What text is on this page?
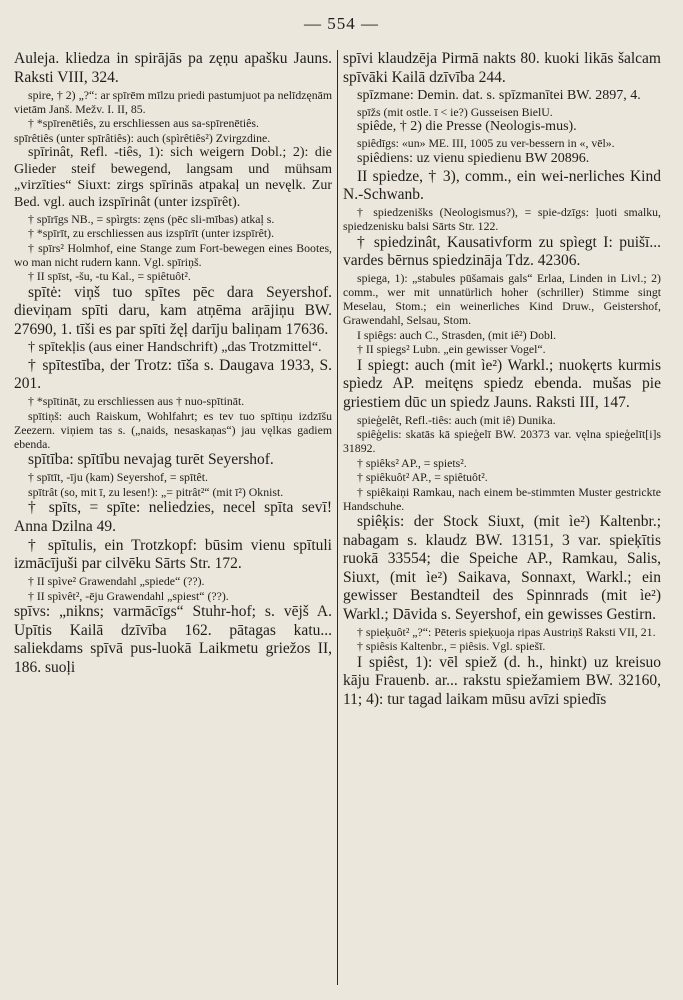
— 554 —

Auleja. kliedza in spirājās pa zęņu apašku Jauns. Raksti VIII, 324.

spire, † 2) „?“: ar spīrēm mīlzu priedi pastumjuot pa nelīdzęnām vietām Janš. Mežv. I. II, 85.

† *spīrenētiês, zu erschliessen aus sa-spīrenētiês.

spīrêtiês (unter spīrâtiês): auch (spìrêtiês²) Zvirgzdine.

spīrinât, Refl. -tiês, 1): sich weigern Dobl.; 2): die Glieder steif bewegend, langsam und mühsam „virzīties“ Siuxt: zirgs spīrinās atpakaļ un nevęlk. Zur Bed. vgl. auch izspīrinât (unter izspīrêt).

† spīrīgs NB., = spìrgts: zęns (pēc sli-mības) atkaļ s.

† *spīrīt, zu erschliessen aus izspīrīt (unter izspīrêt).

† spīrs² Holmhof, eine Stange zum Fort-bewegen eines Bootes, wo man nicht rudern kann. Vgl. spīriņš.

† II spīst, -šu, -tu Kal., = spiêtuôt².

spītė: viņš tuo spītes pēc dara Seyershof. dieviņam spīti daru, kam atņēma arājiņu BW. 27690, 1. tīši es par spīti žęļ darīju baliņam 17636.

† spītekļis (aus einer Handschrift) „das Trotzmittel“.

† spītestība, der Trotz: tīša s. Daugava 1933, S. 201.

† *spītināt, zu erschliessen aus † nuo-spītināt.

spītiņš: auch Raiskum, Wohlfahrt; es tev tuo spītiņu izdzīšu Zeezern. viņiem tas s. („naids, nesaskaņas“) jau vęlkas gadiem ebenda.

spītība: spītību nevajag turēt Seyershof.

† spītīt, -īju (kam) Seyershof, = spītêt.

spītrât (so, mit ī, zu lesen!): „= pitrât²“ (mit ī²) Oknist.

† spīts, = spīte: neliedzies, necel spīta sevī! Anna Dzilna 49.

† spītulis, ein Trotzkopf: būsim vienu spītuli izmācījuši par cilvēku Sārts Str. 172.

† II spìve² Grawendahl „spiede“ (??).

† II spìvêt², -ēju Grawendahl „spiest“ (??).

spīvs: „nikns; varmācīgs“ Stuhr-hof; s. vējš A. Upītis Kailā dzīvība 162. pātagas katu... saliekdams spīvā pus-luokā Laikmetu griežos II, 186. suoļi

spīvi klaudzēja Pirmā nakts 80. kuoki likās šalcam spīvāki Kailā dzīvība 244.

spīzmane: Demin. dat. s. spīzmanītei BW. 2897, 4.

spīžs (mit ostle. ī < ie?) Gusseisen BielU.

spiêde, † 2) die Presse (Neologis-mus).

spiêdīgs: «un» ME. III, 1005 zu ver-bessern in «, vēl».

spiêdiens: uz vienu spiedienu BW 20896.

II spiedze, † 3), comm., ein wei-nerliches Kind N.-Schwanb.

† spiedzenišks (Neologismus?), = spie-dzīgs: ļuoti smalku, spiedzenisku balsi Sārts Str. 122.

† spiedzinât, Kausativform zu spìegt I: puišī... vardes bērnus spiedzināja Tdz. 42306.

spiega, 1): „stabules pūšamais gals“ Erlaa, Linden in Livl.; 2) comm., wer mit unnatürlich hoher (schriller) Stimme singt Meselau, Stom.; ein weinerliches Kind Druw., Geistershof, Grawendahl, Selsau, Stom.

I spiêgs: auch C., Strasden, (mit iê²) Dobl.

† II spiegs² Lubn. „ein gewisser Vogel“.

I spiegt: auch (mit ìe²) Warkl.; nuokęrts kurmis spìedz AP. meitęns spiedz ebenda. mušas pie griestiem dūc un spiedz Jauns. Raksti III, 147.

spieģelêt, Refl.-tiês: auch (mit iê) Dunika.

spiêģelis: skatās kā spieģelī BW. 20373 var. vęlna spieģelīt[i]s 31892.

† spiêks² AP., = spiets².

† spiêkuôt² AP., = spiêtuôt².

† spiêkaiņi Ramkau, nach einem be-stimmten Muster gestrickte Handschuhe.

spiêķis: der Stock Siuxt, (mit ìe²) Kaltenbr.; nabagam s. klaudz BW. 13151, 3 var. spieķītis ruokā 33554; die Speiche AP., Ramkau, Salis, Siuxt, (mit ìe²) Saikava, Sonnaxt, Warkl.; ein gewisser Bestandteil des Spinnrads (mit ìe²) Warkl.; Dāvida s. Seyershof, ein gewisses Gestirn.

† spieķuôt² „?“: Pēteris spieķuoja ripas Austriņš Raksti VII, 21.

† spiêsis Kaltenbr., = piêsis. Vgl. spiešī.

I spiêst, 1): vēl spiež (d. h., hinkt) uz kreisuo kāju Frauenb. ar... rakstu spiežamiem BW. 32160, 11; 4): tur tagad laikam mūsu avīzi spiedīs
